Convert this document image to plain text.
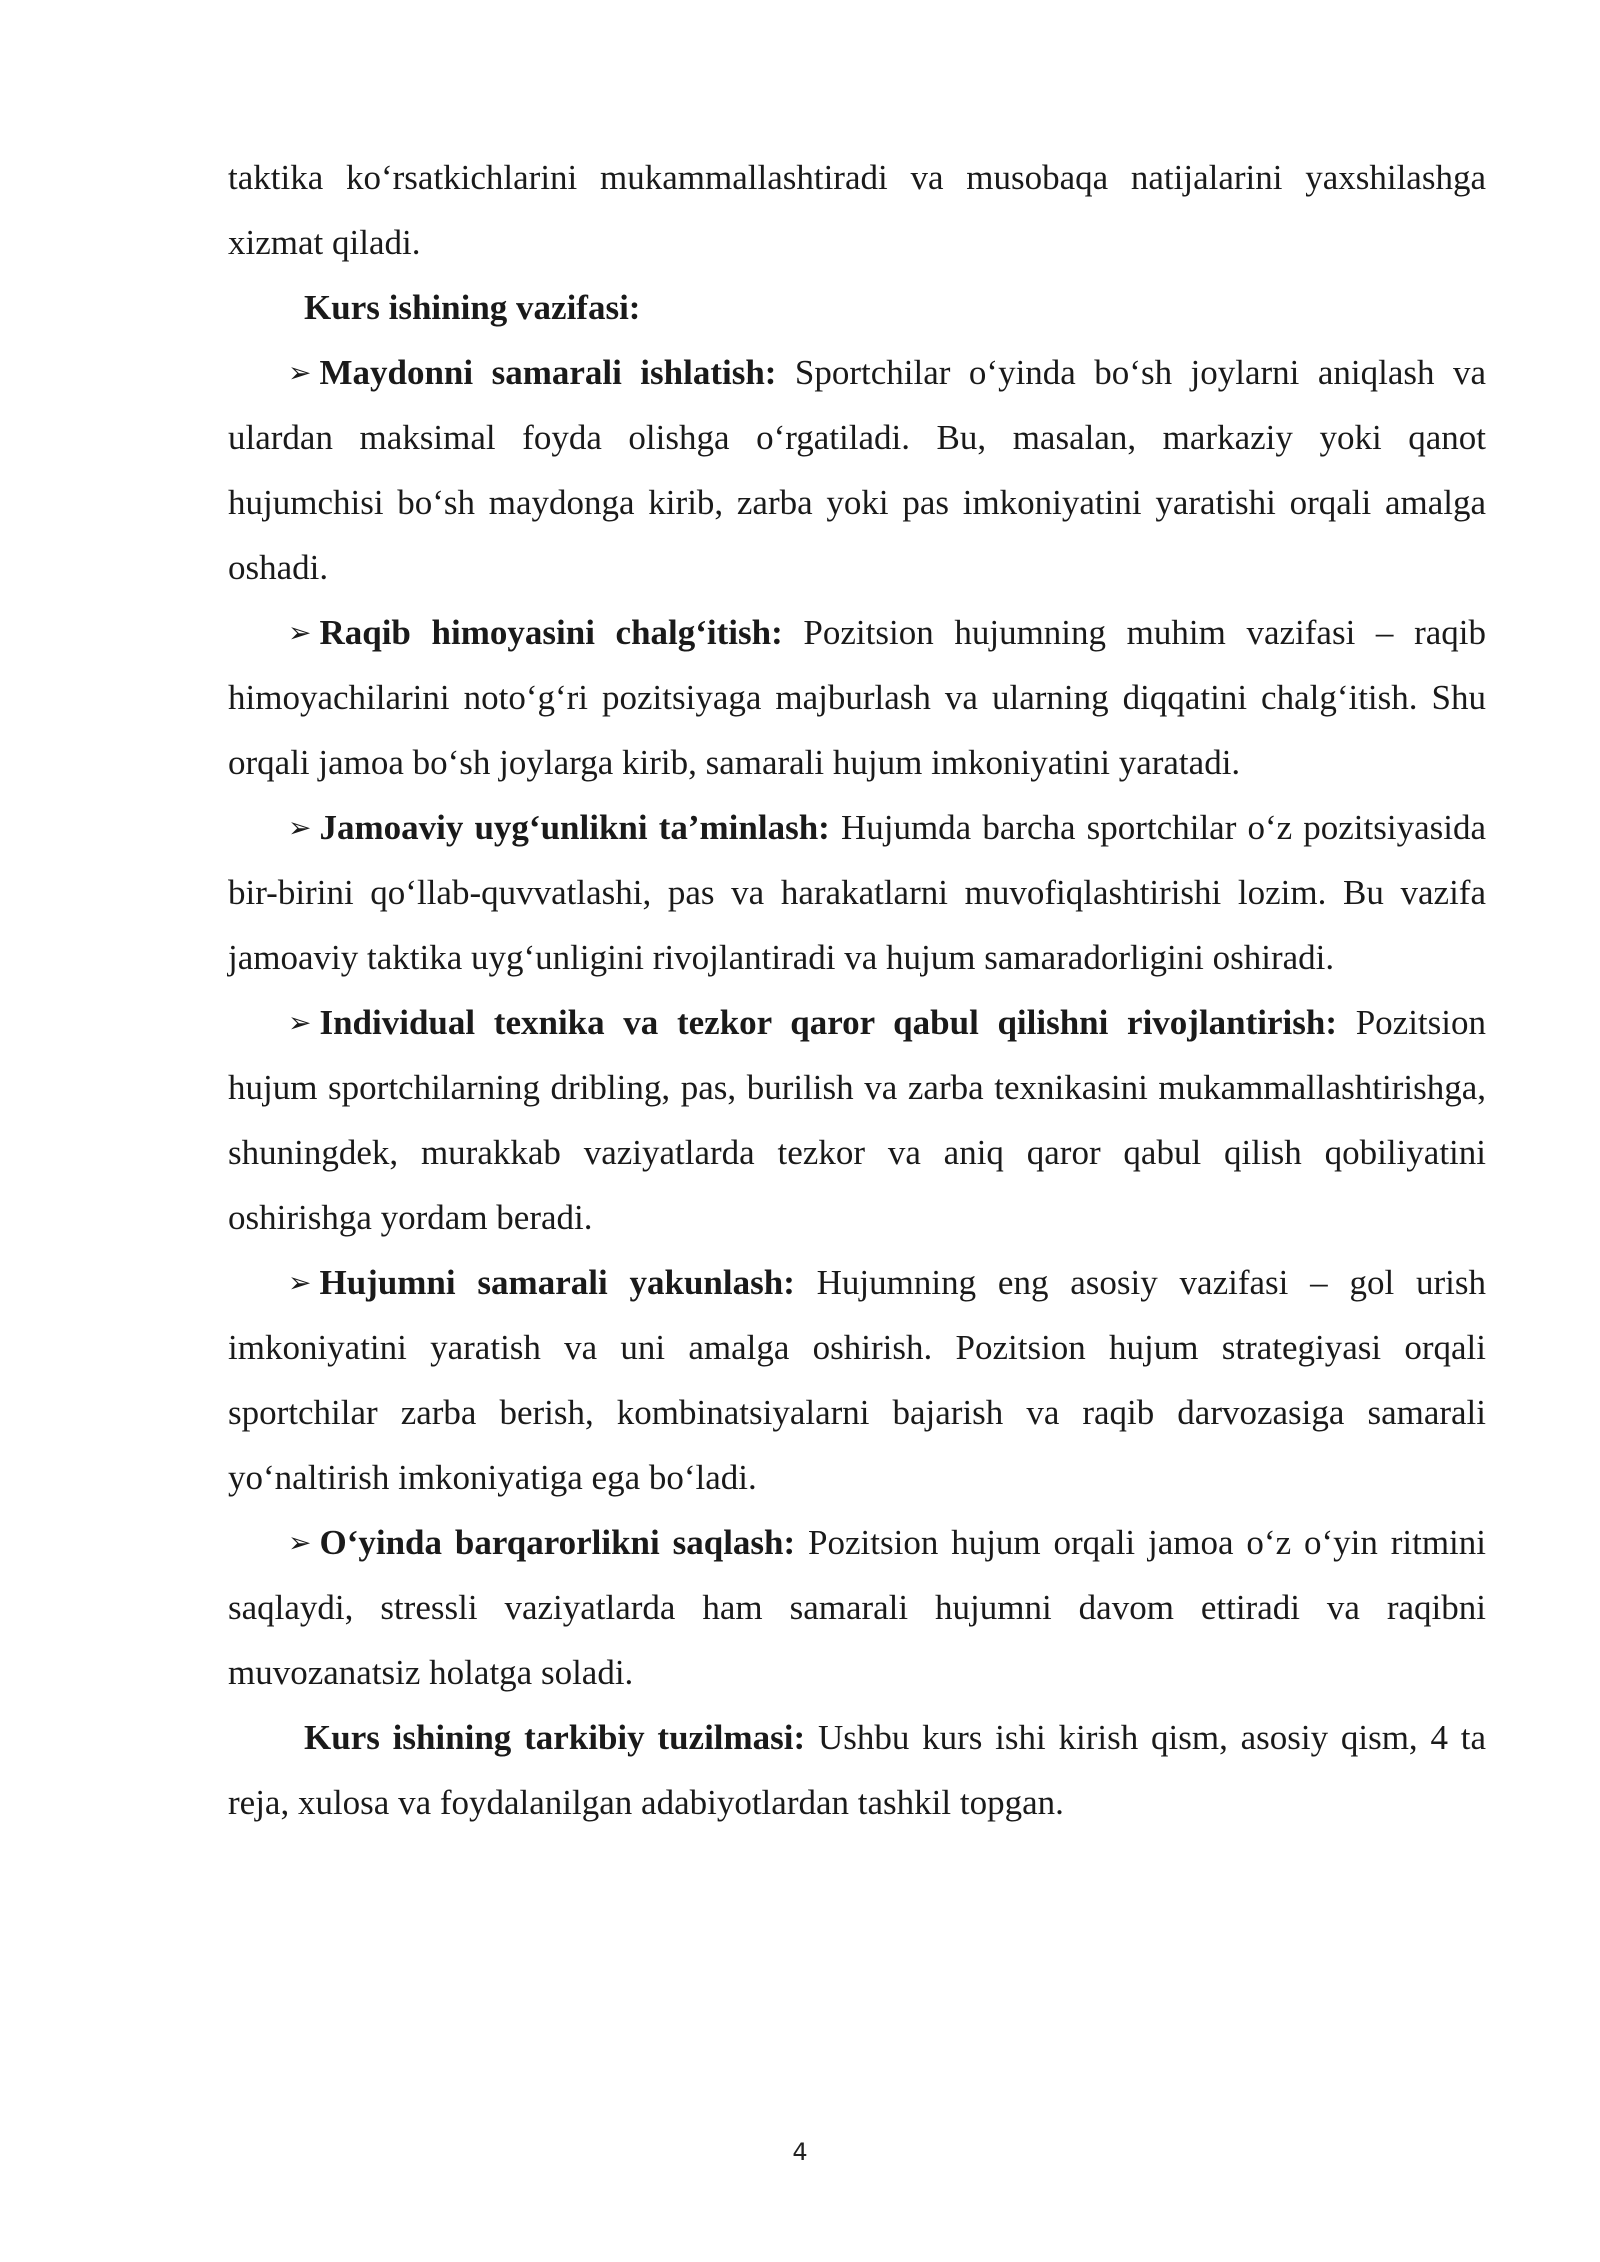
taktika ko‘rsatkichlarini mukammallashtiradi va musobaqa natijalarini yaxshilashga xizmat qiladi.

Kurs ishining vazifasi:

➢ Maydonni samarali ishlatish: Sportchilar o‘yinda bo‘sh joylarni aniqlash va ulardan maksimal foyda olishga o‘rgatiladi. Bu, masalan, markaziy yoki qanot hujumchisi bo‘sh maydonga kirib, zarba yoki pas imkoniyatini yaratishi orqali amalga oshadi.

➢ Raqib himoyasini chalg‘itish: Pozitsion hujumning muhim vazifasi – raqib himoyachilarini noto‘g‘ri pozitsiyaga majburlash va ularning diqqatini chalg‘itish. Shu orqali jamoa bo‘sh joylarga kirib, samarali hujum imkoniyatini yaratadi.

➢ Jamoaviy uyg‘unlikni ta’minlash: Hujumda barcha sportchilar o‘z pozitsiyasida bir-birini qo‘llab-quvvatlashi, pas va harakatlarni muvofiqlashtirishi lozim. Bu vazifa jamoaviy taktika uyg‘unligini rivojlantiradi va hujum samaradorligini oshiradi.

➢ Individual texnika va tezkor qaror qabul qilishni rivojlantirish: Pozitsion hujum sportchilarning dribling, pas, burilish va zarba texnikasini mukammallashtirishga, shuningdek, murakkab vaziyatlarda tezkor va aniq qaror qabul qilish qobiliyatini oshirishga yordam beradi.

➢ Hujumni samarali yakunlash: Hujumning eng asosiy vazifasi – gol urish imkoniyatini yaratish va uni amalga oshirish. Pozitsion hujum strategiyasi orqali sportchilar zarba berish, kombinatsiyalarni bajarish va raqib darvozasiga samarali yo‘naltirish imkoniyatiga ega bo‘ladi.

➢ O‘yinda barqarorlikni saqlash: Pozitsion hujum orqali jamoa o‘z o‘yin ritmini saqlaydi, stressli vaziyatlarda ham samarali hujumni davom ettiradi va raqibni muvozanatsiz holatga soladi.

Kurs ishining tarkibiy tuzilmasi: Ushbu kurs ishi kirish qism, asosiy qism, 4 ta reja, xulosa va foydalanilgan adabiyotlardan tashkil topgan.

4
